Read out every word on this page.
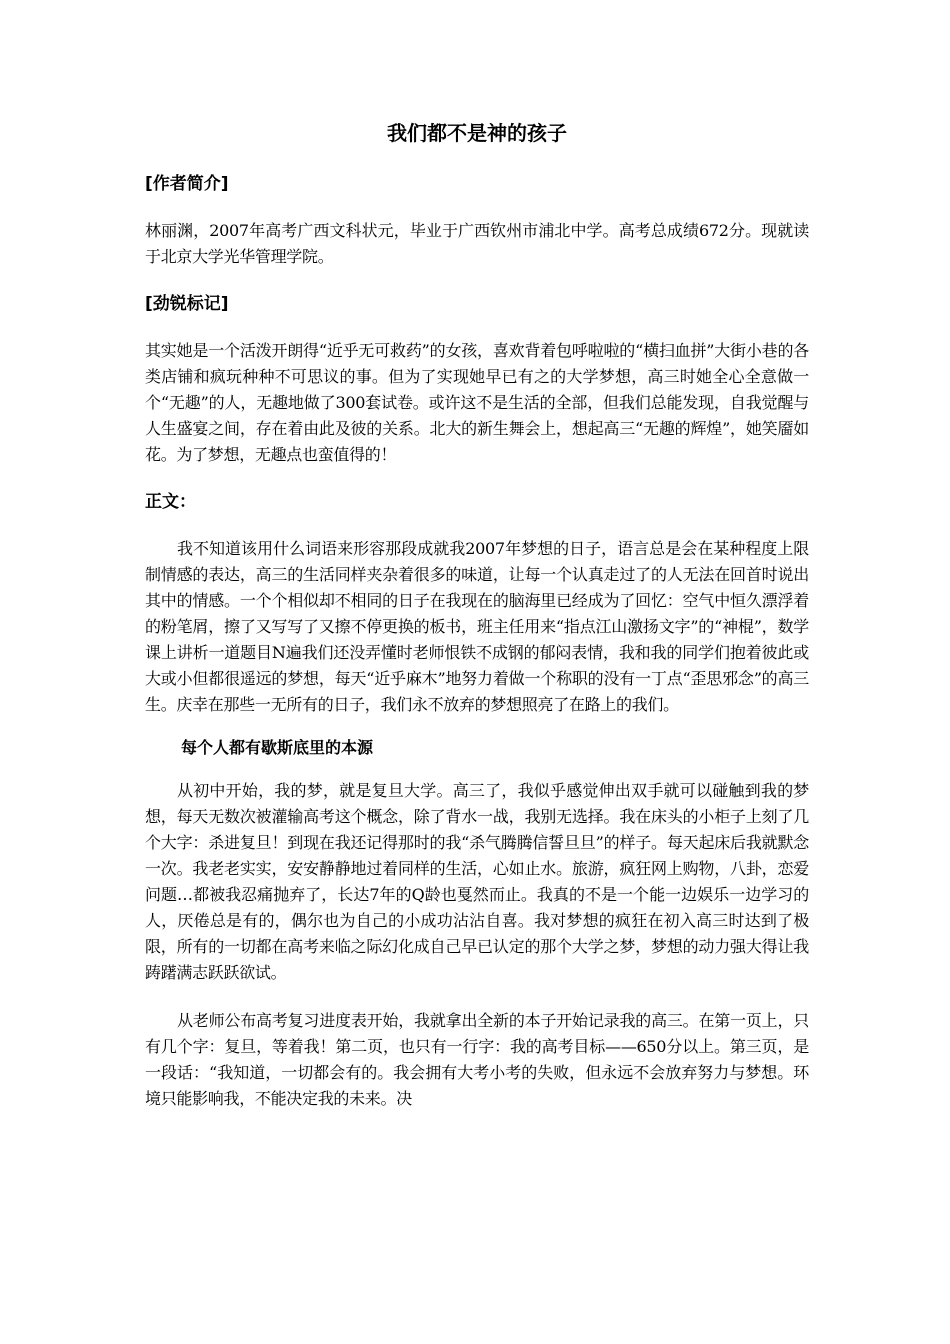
我们都不是神的孩子
[作者简介]

林丽渊，2007年高考广西文科状元，毕业于广西钦州市浦北中学。高考总成绩672分。现就读于北京大学光华管理学院。

[劲锐标记]

其实她是一个活泼开朗得“近乎无可救药”的女孩，喜欢背着包呼啦啦的“横扫血拼”大街小巷的各类店铺和疯玩种种不可思议的事。但为了实现她早已有之的大学梦想，高三时她全心全意做一个“无趣”的人，无趣地做了300套试卷。或许这不是生活的全部，但我们总能发现，自我觉醒与人生盛宴之间，存在着由此及彼的关系。北大的新生舞会上，想起高三“无趣的辉煌”，她笑靥如花。为了梦想，无趣点也蛮值得的！

正文：

我不知道该用什么词语来形容那段成就我2007年梦想的日子，语言总是会在某种程度上限制情感的表达，高三的生活同样夹杂着很多的味道，让每一个认真走过了的人无法在回首时说出其中的情感。一个个相似却不相同的日子在我现在的脑海里已经成为了回忆：空气中恒久漂浮着的粉笔屑，擦了又写写了又擦不停更换的板书，班主任用来“指点江山激扬文字”的“神棍”，数学课上讲析一道题目N遍我们还没弄懂时老师恨铁不成钢的郁闷表情，我和我的同学们抱着彼此或大或小但都很遥远的梦想，每天“近乎麻木”地努力着做一个称职的没有一丁点“歪思邪念”的高三生。庆幸在那些一无所有的日子，我们永不放弃的梦想照亮了在路上的我们。

每个人都有歇斯底里的本源

从初中开始，我的梦，就是复旦大学。高三了，我似乎感觉伸出双手就可以碰触到我的梦想，每天无数次被灌输高考这个概念，除了背水一战，我别无选择。我在床头的小柜子上刻了几个大字：杀进复旦！到现在我还记得那时的我“杀气腾腾信誓旦旦”的样子。每天起床后我就默念一次。我老老实实，安安静静地过着同样的生活，心如止水。旅游，疯狂网上购物，八卦，恋爱问题…都被我忍痛抛弃了，长达7年的Q龄也戛然而止。我真的不是一个能一边娱乐一边学习的人，厌倦总是有的，偶尔也为自己的小成功沾沾自喜。我对梦想的疯狂在初入高三时达到了极限，所有的一切都在高考来临之际幻化成自己早已认定的那个大学之梦，梦想的动力强大得让我踌躇满志跃跃欲试。

从老师公布高考复习进度表开始，我就拿出全新的本子开始记录我的高三。在第一页上，只有几个字：复旦，等着我！第二页，也只有一行字：我的高考目标——650分以上。第三页，是一段话：“我知道，一切都会有的。我会拥有大考小考的失败，但永远不会放弃努力与梦想。环境只能影响我，不能决定我的未来。决
